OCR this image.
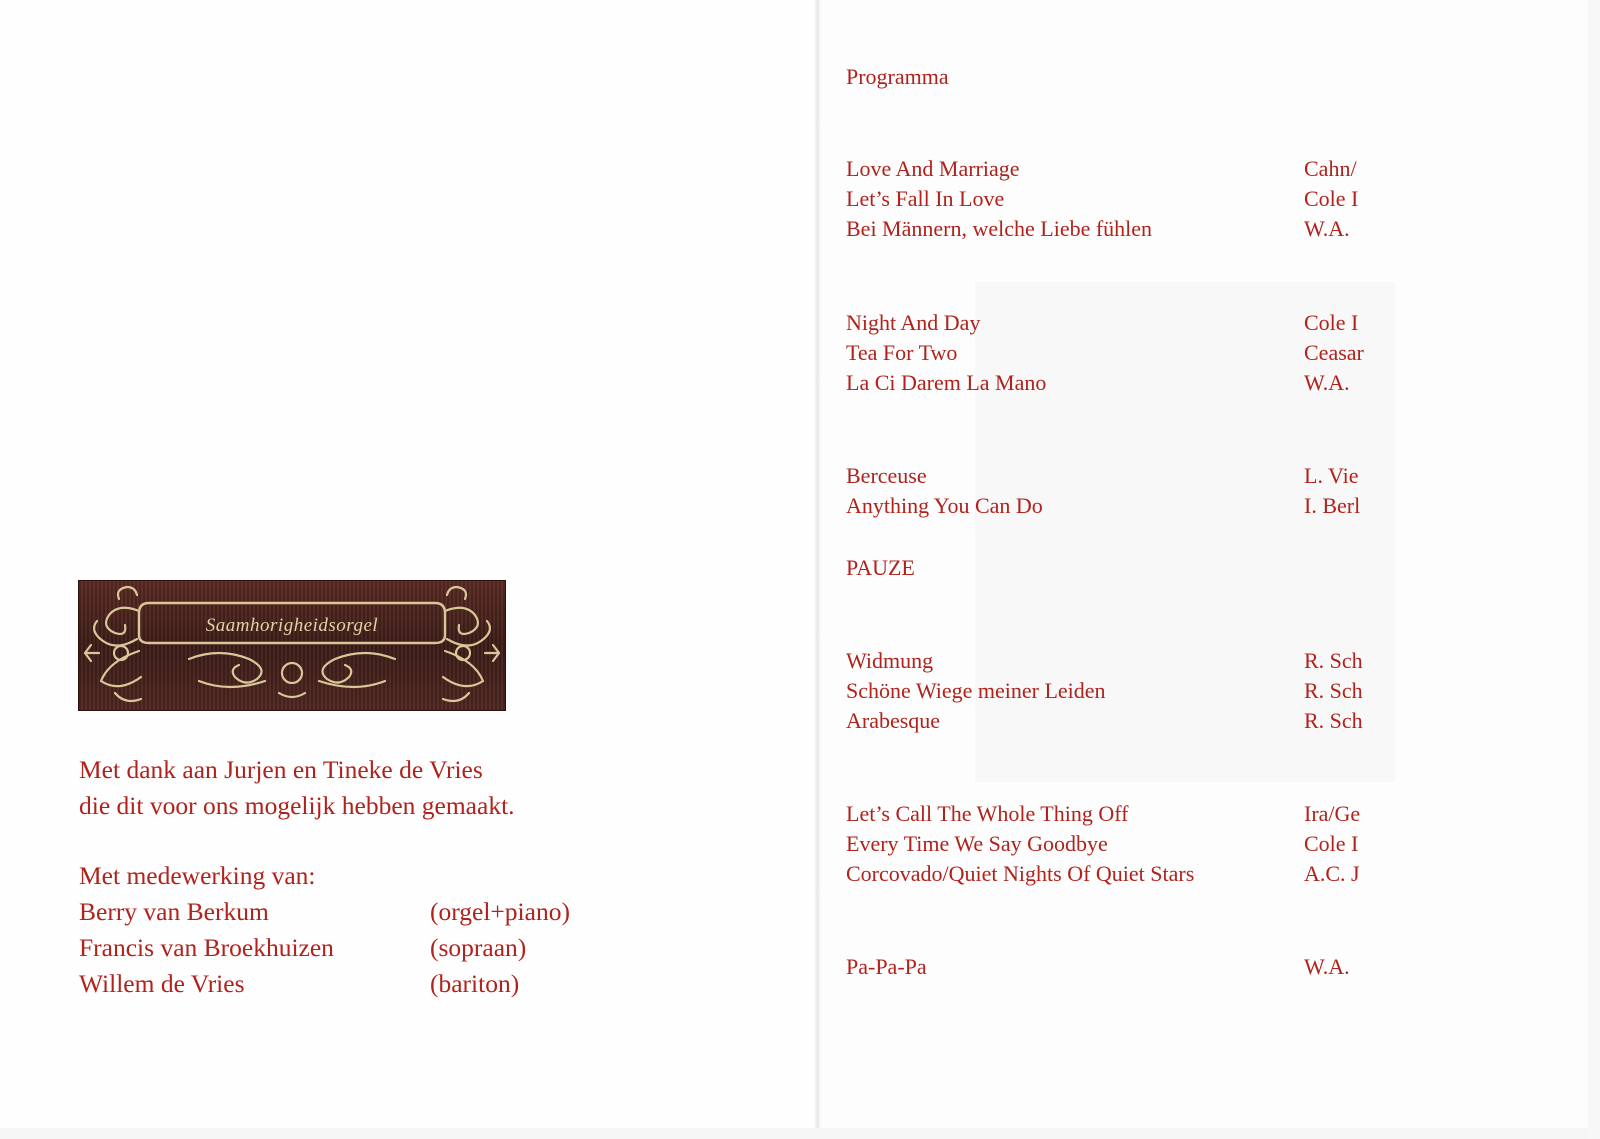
Saamhorigheidsorgel
Met dank aan Jurjen en Tineke de Vries
die dit voor ons mogelijk hebben gemaakt.
Met medewerking van:
Berry van Berkum	(orgel+piano)
Francis van Broekhuizen	(sopraan)
Willem de Vries	(bariton)
Programma
Love And Marriage	Cahn/
Let’s Fall In Love	Cole I
Bei Männern, welche Liebe fühlen	W.A.
Night And Day	Cole I
Tea For Two	Ceasar
La Ci Darem La Mano	W.A.
Berceuse	L. Vie
Anything You Can Do	I. Berl
PAUZE
Widmung	R. Sch
Schöne Wiege meiner Leiden	R. Sch
Arabesque	R. Sch
Let’s Call The Whole Thing Off	Ira/Ge
Every Time We Say Goodbye	Cole I
Corcovado/Quiet Nights Of Quiet Stars	A.C. J
Pa-Pa-Pa	W.A.
